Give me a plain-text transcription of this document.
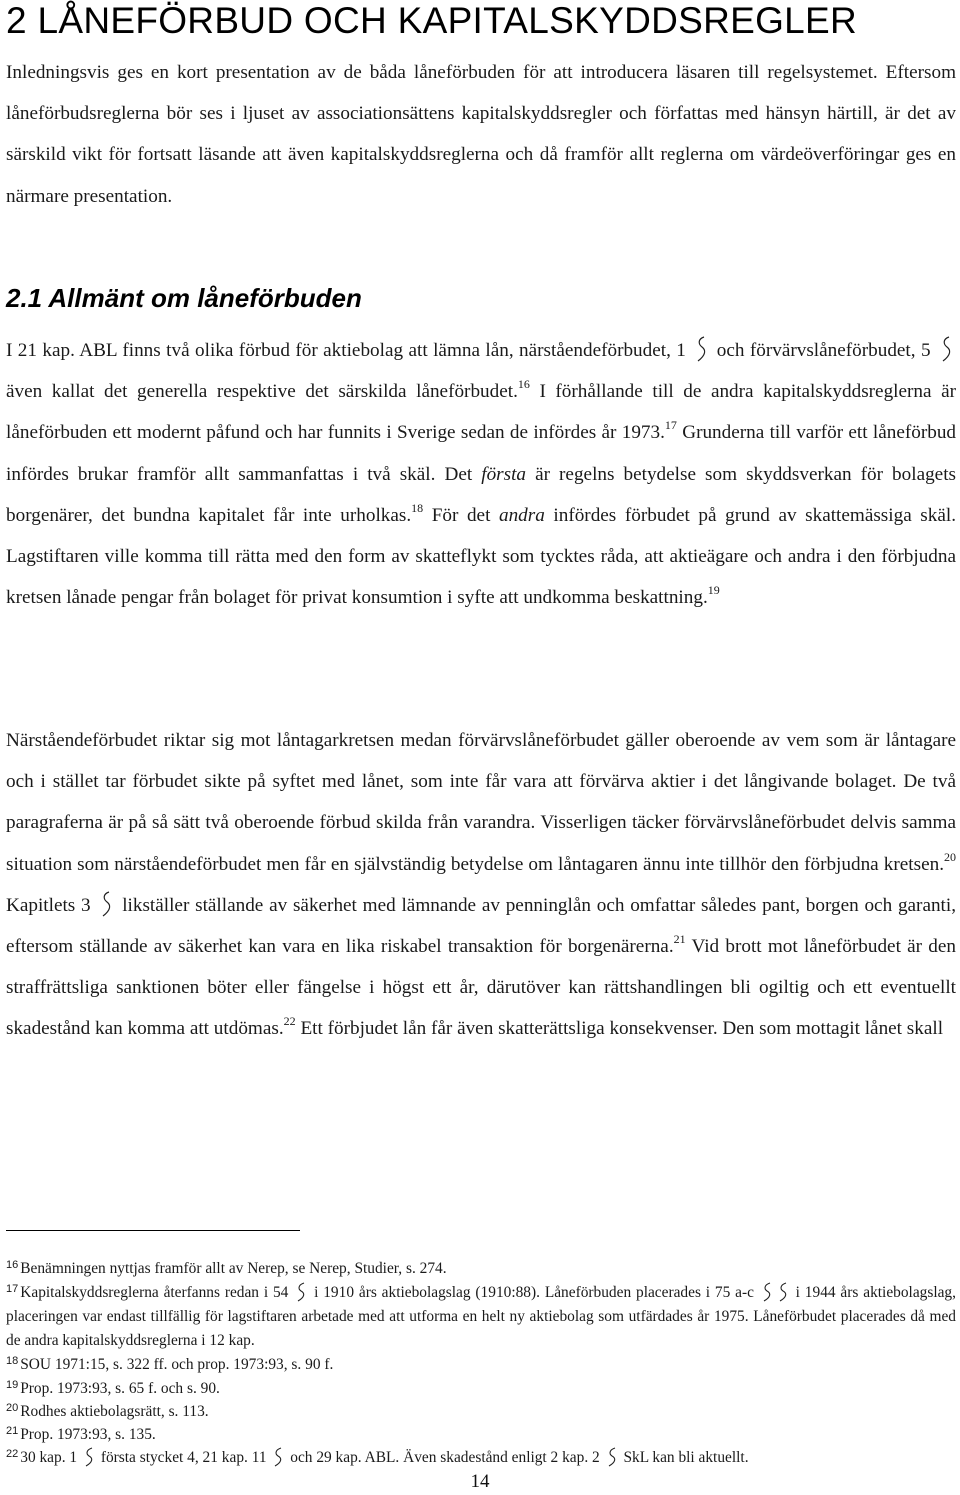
2 LÅNEFÖRBUD OCH KAPITALSKYDDSREGLER

Inledningsvis ges en kort presentation av de båda låneförbuden för att introducera läsaren till regelsystemet. Eftersom låneförbudsreglerna bör ses i ljuset av associationsättens kapitalskyddsregler och författas med hänsyn härtill, är det av särskild vikt för fortsatt läsande att även kapitalskyddsreglerna och då framför allt reglerna om värdeöverföringar ges en närmare presentation.

2.1 Allmänt om låneförbuden

I 21 kap. ABL finns två olika förbud för aktiebolag att lämna lån, närståendeförbudet, 1 och förvärvslåneförbudet, 5
även kallat det generella respektive det särskilda låneförbudet.$^{16}$ I förhållande till de andra kapitalskyddsreglerna är låneförbuden ett modernt påfund och har funnits i Sverige sedan de infördes år 1973.17 Grunderna till varför ett låneförbud infördes brukar framför allt sammanfattas i två skäl. Det första är regelns betydelse som skyddsverkan för bolagets borgenärer, det bundna kapitalet får inte urholkas.$^{18}$ För det andra infördes förbudet på grund av skattemässiga skäl. Lagstiftaren ville komma till rätta med den form av skatteflykt som tycktes råda, att aktieägare och andra i den förbjudna kretsen lånade pengar från bolaget för privat konsumtion i syfte att undkomma beskattning.$^{19}$

Närståendeförbudet riktar sig mot låntagarkretsen medan förvärvslåneförbudet gäller oberoende av vem som är låntagare och i stället tar förbudet sikte på syftet med lånet, som inte får vara att förvärva aktier i det långivande bolaget. De två paragraferna är på så sätt två oberoende förbud skilda från varandra. Visserligen täcker förvärvslåneförbudet delvis samma situation som närståendeförbudet men får en självständig betydelse om låntagaren ännu inte tillhör den förbjudna kretsen.$^{20}$ Kapitlets 3 likställer ställande av säkerhet med lämnande av penninglån och omfattar således pant, borgen och garanti, eftersom ställande av säkerhet kan vara en lika riskabel transaktion för borgenärerna.$^{21}$ Vid brott mot låneförbudet är den straffrättsliga sanktionen böter eller fängelse i högst ett år, därutöver kan rättshandlingen bli ogiltig och ett eventuellt skadestånd kan komma att utdömas.$^{22}$ Ett förbjudet lån får även skatterättsliga konsekvenser. Den som mottagit lånet skall

$^{16}$ Benämningen nyttjas framför allt av Nerep, se Nerep, Studier, s. 274.

$^{17}$ Kapitalskyddsreglerna återfanns redan i 54 i 1910 års aktiebolagslag (1910:88). Låneförbuden placerades i 75 a-c	i 1944 års aktiebolagslag, placeringen var endast tillfällig för lagstiftaren arbetade med att utforma en helt ny aktiebolag som utfärdades år 1975. Låneförbudet placerades då med de andra kapitalskyddsreglerna i 12 kap.

$^{18}$ SOU 1971:15, s. 322 ff. och prop. 1973:93, s. 90 f.

$^{19}$ Prop. 1973:93, s. 65 f. och s. 90.

$^{20}$ Rodhes aktiebolagsrätt, s. 113.

$^{21}$ Prop. 1973:93, s. 135.

$^{22}$ 30 kap. 1 första stycket 4, 21 kap. 11 och 29 kap. ABL. Även skadestånd enligt 2 kap. 2 SkL kan bli aktuellt.

14
